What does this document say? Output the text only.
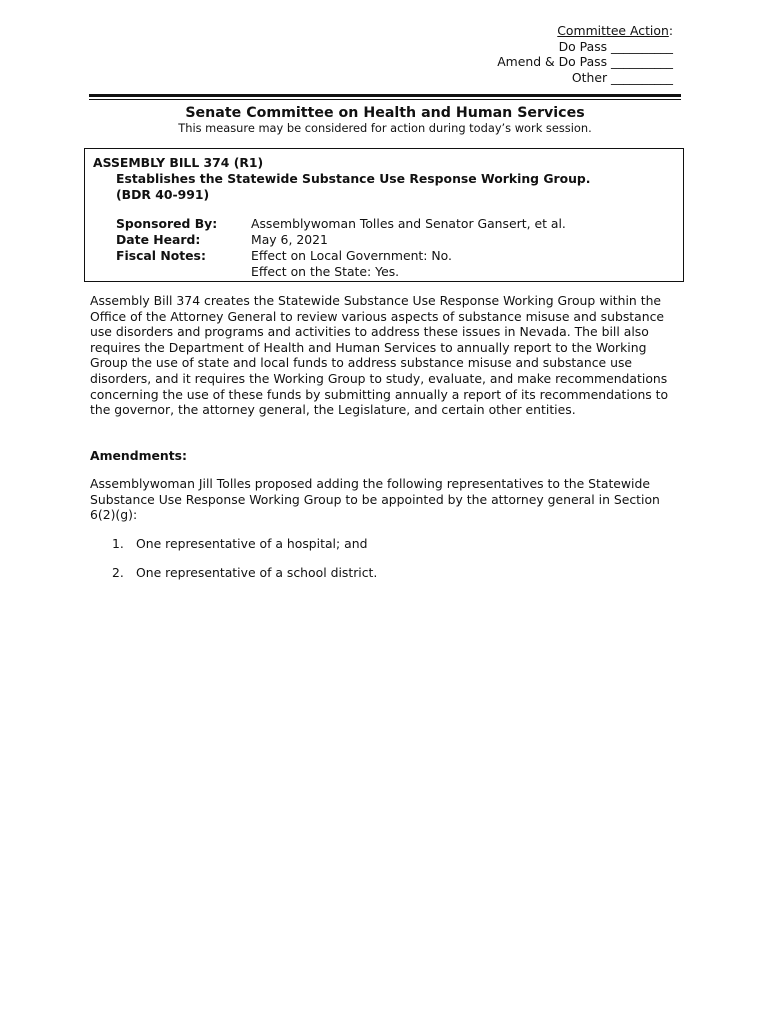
Committee Action:
Do Pass __________
Amend & Do Pass __________
Other __________
Senate Committee on Health and Human Services
This measure may be considered for action during today’s work session.
ASSEMBLY BILL 374 (R1)
Establishes the Statewide Substance Use Response Working Group.
(BDR 40-991)
Sponsored By:	Assemblywoman Tolles and Senator Gansert, et al.
Date Heard:	May 6, 2021
Fiscal Notes:	Effect on Local Government: No.
Effect on the State: Yes.

Assembly Bill 374 creates the Statewide Substance Use Response Working Group within the Office of the Attorney General to review various aspects of substance misuse and substance use disorders and programs and activities to address these issues in Nevada. The bill also requires the Department of Health and Human Services to annually report to the Working Group the use of state and local funds to address substance misuse and substance use disorders, and it requires the Working Group to study, evaluate, and make recommendations concerning the use of these funds by submitting annually a report of its recommendations to the governor, the attorney general, the Legislature, and certain other entities.

Amendments:

Assemblywoman Jill Tolles proposed adding the following representatives to the Statewide Substance Use Response Working Group to be appointed by the attorney general in Section 6(2)(g):

1. One representative of a hospital; and
2. One representative of a school district.
